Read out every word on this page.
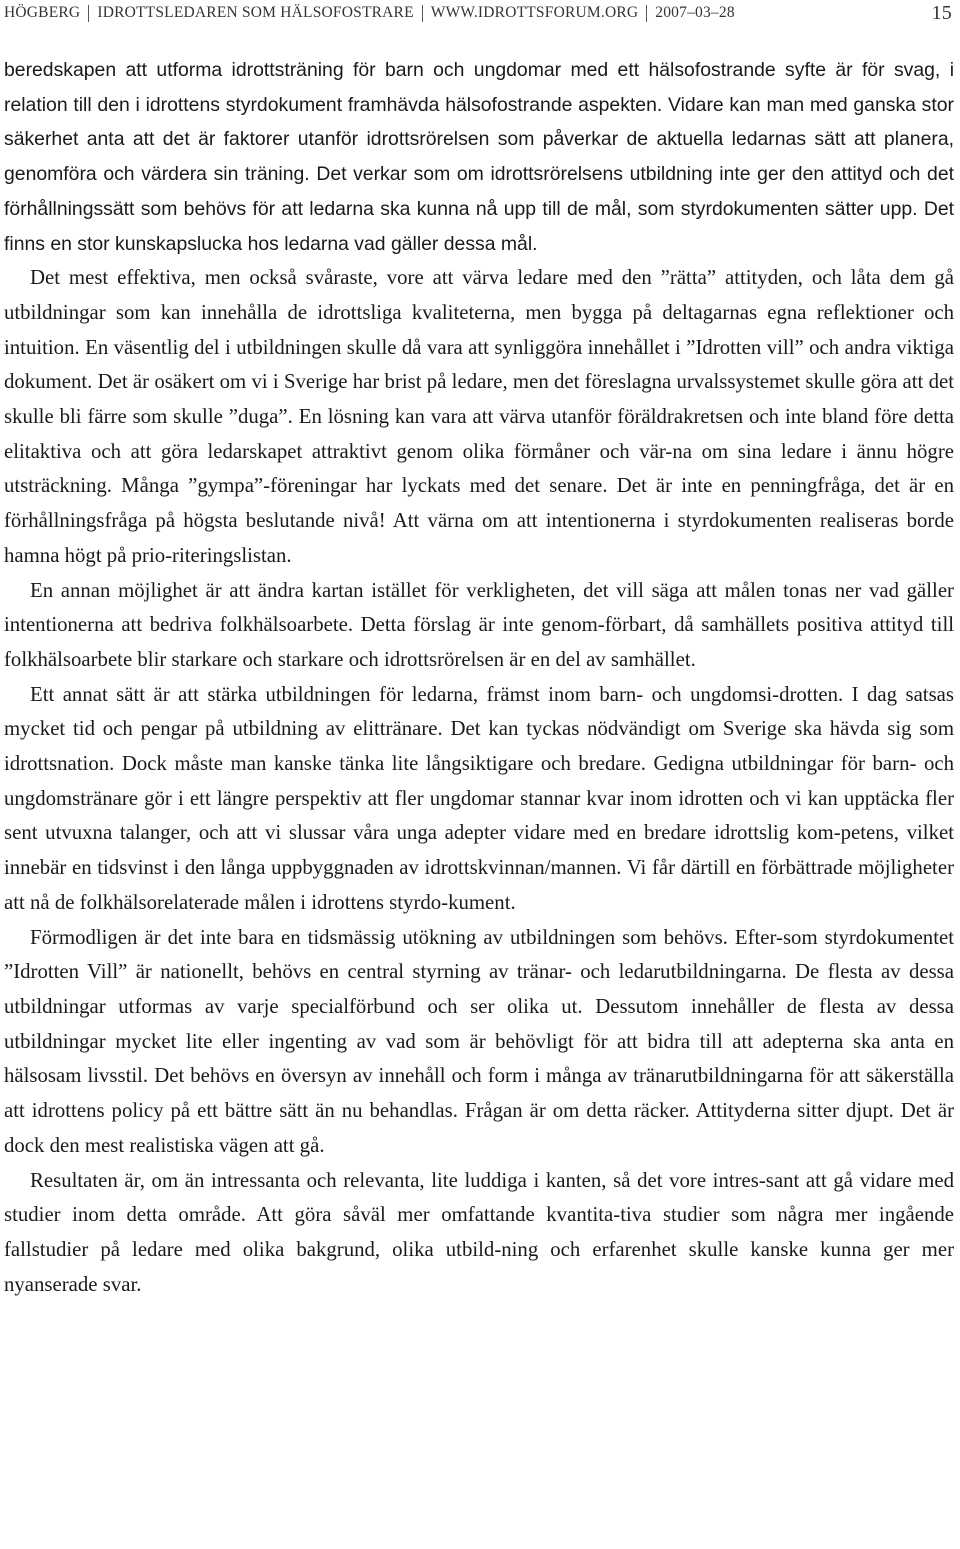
HÖGBERG IDROTTSLEDAREN SOM HÄLSOFOSTRARE WWW.IDROTTSFORUM.ORG 2007–03–28	15

beredskapen att utforma idrottsträning för barn och ungdomar med ett hälsofostrande syfte är för svag, i relation till den i idrottens styrdokument framhävda hälsofostrande aspekten. Vidare kan man med ganska stor säkerhet anta att det är faktorer utanför idrottsrörelsen som påverkar de aktuella ledarnas sätt att planera, genomföra och värdera sin träning. Det verkar som om idrottsrörelsens utbildning inte ger den attityd och det förhållningssätt som behövs för att ledarna ska kunna nå upp till de mål, som styrdokumenten sätter upp. Det finns en stor kunskapslucka hos ledarna vad gäller dessa mål.

Det mest effektiva, men också svåraste, vore att värva ledare med den ”rätta” attityden, och låta dem gå utbildningar som kan innehålla de idrottsliga kvaliteterna, men bygga på deltagarnas egna reflektioner och intuition. En väsentlig del i utbildningen skulle då vara att synliggöra innehållet i ”Idrotten vill” och andra viktiga dokument. Det är osäkert om vi i Sverige har brist på ledare, men det föreslagna urvalssystemet skulle göra att det skulle bli färre som skulle ”duga”. En lösning kan vara att värva utanför föräldrakretsen och inte bland före detta elitaktiva och att göra ledarskapet attraktivt genom olika förmåner och vär-na om sina ledare i ännu högre utsträckning. Många ”gympa”-föreningar har lyckats med det senare. Det är inte en penningfråga, det är en förhållningsfråga på högsta beslutande nivå! Att värna om att intentionerna i styrdokumenten realiseras borde hamna högt på prio-riteringslistan.

En annan möjlighet är att ändra kartan istället för verkligheten, det vill säga att målen tonas ner vad gäller intentionerna att bedriva folkhälsoarbete. Detta förslag är inte genom-förbart, då samhällets positiva attityd till folkhälsoarbete blir starkare och starkare och idrottsrörelsen är en del av samhället.

Ett annat sätt är att stärka utbildningen för ledarna, främst inom barn- och ungdomsi-drotten. I dag satsas mycket tid och pengar på utbildning av elittränare. Det kan tyckas nödvändigt om Sverige ska hävda sig som idrottsnation. Dock måste man kanske tänka lite långsiktigare och bredare. Gedigna utbildningar för barn- och ungdomstränare gör i ett längre perspektiv att fler ungdomar stannar kvar inom idrotten och vi kan upptäcka fler sent utvuxna talanger, och att vi slussar våra unga adepter vidare med en bredare idrottslig kom-petens, vilket innebär en tidsvinst i den långa uppbyggnaden av idrottskvinnan/mannen. Vi får därtill en förbättrade möjligheter att nå de folkhälsorelaterade målen i idrottens styrdo-kument.

Förmodligen är det inte bara en tidsmässig utökning av utbildningen som behövs. Efter-som styrdokumentet ”Idrotten Vill” är nationellt, behövs en central styrning av tränar- och ledarutbildningarna. De flesta av dessa utbildningar utformas av varje specialförbund och ser olika ut. Dessutom innehåller de flesta av dessa utbildningar mycket lite eller ingenting av vad som är behövligt för att bidra till att adepterna ska anta en hälsosam livsstil. Det behövs en översyn av innehåll och form i många av tränarutbildningarna för att säkerställa att idrottens policy på ett bättre sätt än nu behandlas. Frågan är om detta räcker. Attityderna sitter djupt. Det är dock den mest realistiska vägen att gå.

Resultaten är, om än intressanta och relevanta, lite luddiga i kanten, så det vore intres-sant att gå vidare med studier inom detta område. Att göra såväl mer omfattande kvantita-tiva studier som några mer ingående fallstudier på ledare med olika bakgrund, olika utbild-ning och erfarenhet skulle kanske kunna ger mer nyanserade svar.
